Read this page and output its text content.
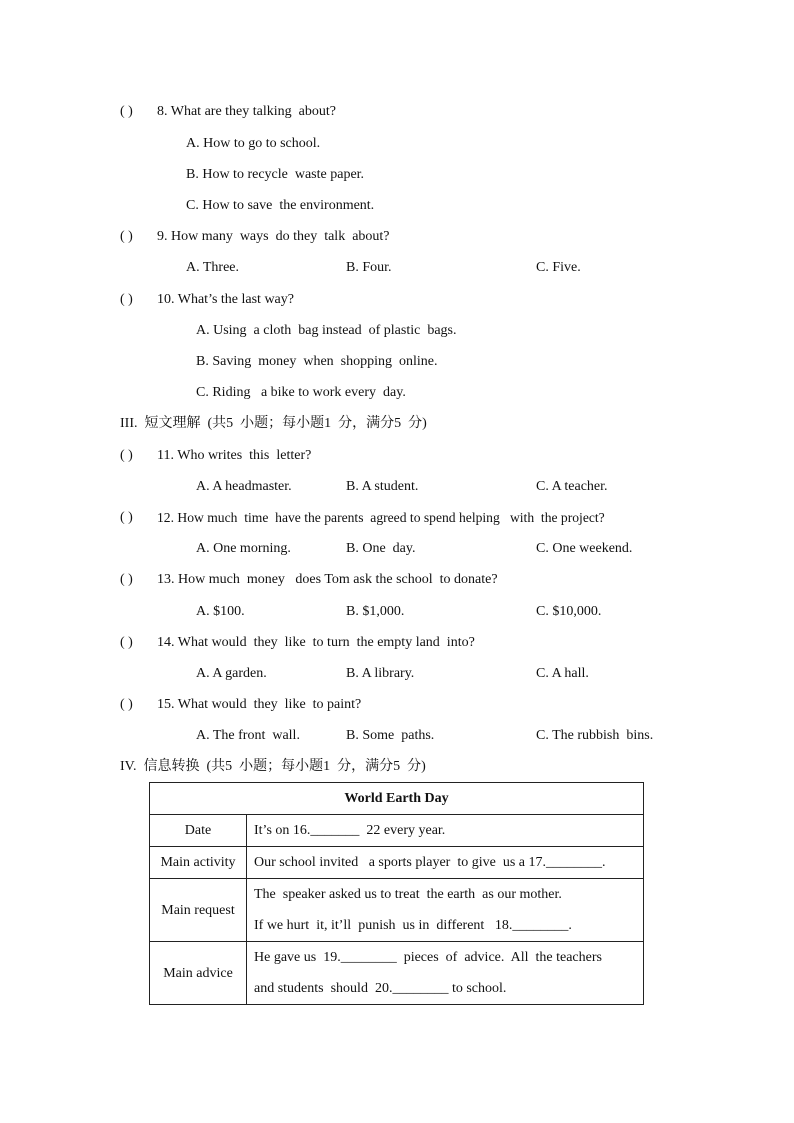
( ) 8. What are they talking  about?
A. How to go to school.
B. How to recycle  waste paper.
C. How to save  the environment.
( ) 9. How many  ways  do they  talk  about?
A. Three.	B. Four.	C. Five.
( ) 10. What’s the last way?
A. Using  a cloth  bag instead  of plastic  bags.
B. Saving  money  when  shopping  online.
C. Riding   a bike to work every  day.
III.  短文理解  (共5  小题；每小题1  分，满分5  分)
( ) 11. Who writes  this  letter?
A. A headmaster.	B. A student.	C. A teacher.
( ) 12. How much  time  have the parents  agreed to spend helping   with  the project?
A. One morning.	B. One  day.	C. One weekend.
( ) 13. How much  money   does Tom ask the school  to donate?
A. $100.	B. $1,000.	C. $10,000.
( ) 14. What would  they  like  to turn  the empty land  into?
A. A garden.	B. A library.	C. A hall.
( ) 15. What would  they  like  to paint?
A. The front  wall.	B. Some  paths.	C. The rubbish  bins.
IV.  信息转换  (共5  小题；每小题1  分，满分5  分)
World Earth Day	
Date	It’s on 16._______  22 every year.

Main activity	Our school invited   a sports player  to give  us a 17.________.

Main request	The  speaker asked us to treat  the earth  as our mother.
If we hurt  it, it’ll  punish  us in  different   18.________.

Main advice	He gave us  19.________  pieces  of  advice.  All  the teachers
and students  should  20.________ to school.
